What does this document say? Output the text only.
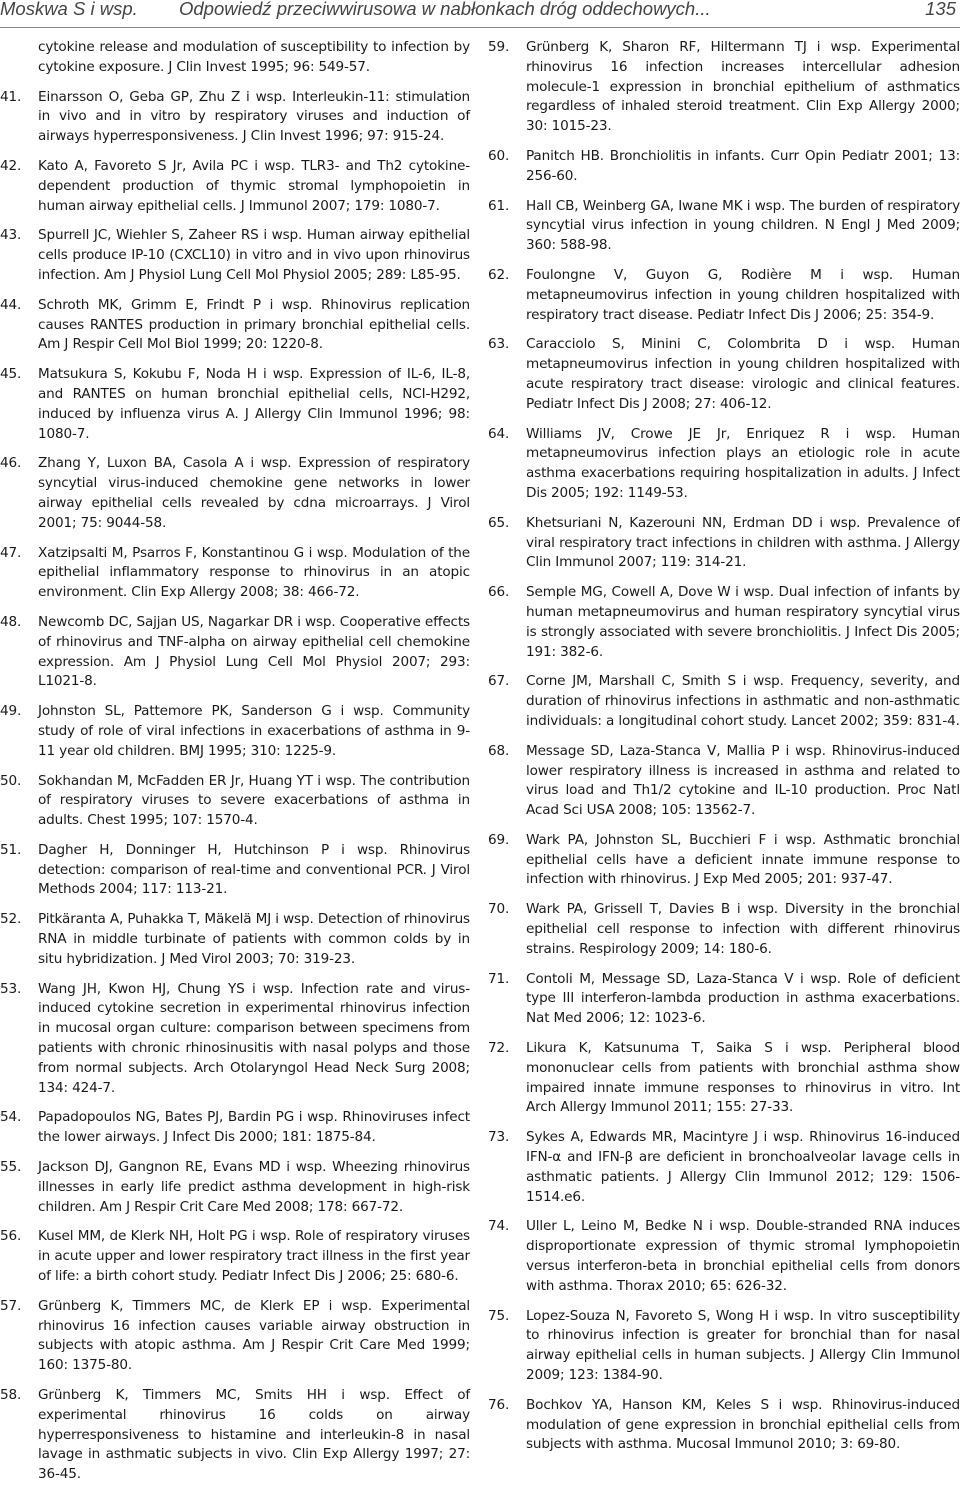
Moskwa S i wsp. Odpowiedź przeciwwirusowa w nabłonkach dróg oddechowych...	135
cytokine release and modulation of susceptibility to infection by cytokine exposure. J Clin Invest 1995; 96: 549-57.
41. Einarsson O, Geba GP, Zhu Z i wsp. Interleukin-11: stimulation in vivo and in vitro by respiratory viruses and induction of airways hyperresponsiveness. J Clin Invest 1996; 97: 915-24.
42. Kato A, Favoreto S Jr, Avila PC i wsp. TLR3- and Th2 cytokine-dependent production of thymic stromal lymphopoietin in human airway epithelial cells. J Immunol 2007; 179: 1080-7.
43. Spurrell JC, Wiehler S, Zaheer RS i wsp. Human airway epithelial cells produce IP-10 (CXCL10) in vitro and in vivo upon rhinovirus infection. Am J Physiol Lung Cell Mol Physiol 2005; 289: L85-95.
44. Schroth MK, Grimm E, Frindt P i wsp. Rhinovirus replication causes RANTES production in primary bronchial epithelial cells. Am J Respir Cell Mol Biol 1999; 20: 1220-8.
45. Matsukura S, Kokubu F, Noda H i wsp. Expression of IL-6, IL-8, and RANTES on human bronchial epithelial cells, NCI-H292, induced by influenza virus A. J Allergy Clin Immunol 1996; 98: 1080-7.
46. Zhang Y, Luxon BA, Casola A i wsp. Expression of respiratory syncytial virus-induced chemokine gene networks in lower airway epithelial cells revealed by cdna microarrays. J Virol 2001; 75: 9044-58.
47. Xatzipsalti M, Psarros F, Konstantinou G i wsp. Modulation of the epithelial inflammatory response to rhinovirus in an atopic environment. Clin Exp Allergy 2008; 38: 466-72.
48. Newcomb DC, Sajjan US, Nagarkar DR i wsp. Cooperative effects of rhinovirus and TNF-alpha on airway epithelial cell chemokine expression. Am J Physiol Lung Cell Mol Physiol 2007; 293: L1021-8.
49. Johnston SL, Pattemore PK, Sanderson G i wsp. Community study of role of viral infections in exacerbations of asthma in 9-11 year old children. BMJ 1995; 310: 1225-9.
50. Sokhandan M, McFadden ER Jr, Huang YT i wsp. The contribution of respiratory viruses to severe exacerbations of asthma in adults. Chest 1995; 107: 1570-4.
51. Dagher H, Donninger H, Hutchinson P i wsp. Rhinovirus detection: comparison of real-time and conventional PCR. J Virol Methods 2004; 117: 113-21.
52. Pitkäranta A, Puhakka T, Mäkelä MJ i wsp. Detection of rhinovirus RNA in middle turbinate of patients with common colds by in situ hybridization. J Med Virol 2003; 70: 319-23.
53. Wang JH, Kwon HJ, Chung YS i wsp. Infection rate and virus-induced cytokine secretion in experimental rhinovirus infection in mucosal organ culture: comparison between specimens from patients with chronic rhinosinusitis with nasal polyps and those from normal subjects. Arch Otolaryngol Head Neck Surg 2008; 134: 424-7.
54. Papadopoulos NG, Bates PJ, Bardin PG i wsp. Rhinoviruses infect the lower airways. J Infect Dis 2000; 181: 1875-84.
55. Jackson DJ, Gangnon RE, Evans MD i wsp. Wheezing rhinovirus illnesses in early life predict asthma development in high-risk children. Am J Respir Crit Care Med 2008; 178: 667-72.
56. Kusel MM, de Klerk NH, Holt PG i wsp. Role of respiratory viruses in acute upper and lower respiratory tract illness in the first year of life: a birth cohort study. Pediatr Infect Dis J 2006; 25: 680-6.
57. Grünberg K, Timmers MC, de Klerk EP i wsp. Experimental rhinovirus 16 infection causes variable airway obstruction in subjects with atopic asthma. Am J Respir Crit Care Med 1999; 160: 1375-80.
58. Grünberg K, Timmers MC, Smits HH i wsp. Effect of experimental rhinovirus 16 colds on airway hyperresponsiveness to histamine and interleukin-8 in nasal lavage in asthmatic subjects in vivo. Clin Exp Allergy 1997; 27: 36-45.
59. Grünberg K, Sharon RF, Hiltermann TJ i wsp. Experimental rhinovirus 16 infection increases intercellular adhesion molecule-1 expression in bronchial epithelium of asthmatics regardless of inhaled steroid treatment. Clin Exp Allergy 2000; 30: 1015-23.
60. Panitch HB. Bronchiolitis in infants. Curr Opin Pediatr 2001; 13: 256-60.
61. Hall CB, Weinberg GA, Iwane MK i wsp. The burden of respiratory syncytial virus infection in young children. N Engl J Med 2009; 360: 588-98.
62. Foulongne V, Guyon G, Rodière M i wsp. Human metapneumovirus infection in young children hospitalized with respiratory tract disease. Pediatr Infect Dis J 2006; 25: 354-9.
63. Caracciolo S, Minini C, Colombrita D i wsp. Human metapneumovirus infection in young children hospitalized with acute respiratory tract disease: virologic and clinical features. Pediatr Infect Dis J 2008; 27: 406-12.
64. Williams JV, Crowe JE Jr, Enriquez R i wsp. Human metapneumovirus infection plays an etiologic role in acute asthma exacerbations requiring hospitalization in adults. J Infect Dis 2005; 192: 1149-53.
65. Khetsuriani N, Kazerouni NN, Erdman DD i wsp. Prevalence of viral respiratory tract infections in children with asthma. J Allergy Clin Immunol 2007; 119: 314-21.
66. Semple MG, Cowell A, Dove W i wsp. Dual infection of infants by human metapneumovirus and human respiratory syncytial virus is strongly associated with severe bronchiolitis. J Infect Dis 2005; 191: 382-6.
67. Corne JM, Marshall C, Smith S i wsp. Frequency, severity, and duration of rhinovirus infections in asthmatic and non-asthmatic individuals: a longitudinal cohort study. Lancet 2002; 359: 831-4.
68. Message SD, Laza-Stanca V, Mallia P i wsp. Rhinovirus-induced lower respiratory illness is increased in asthma and related to virus load and Th1/2 cytokine and IL-10 production. Proc Natl Acad Sci USA 2008; 105: 13562-7.
69. Wark PA, Johnston SL, Bucchieri F i wsp. Asthmatic bronchial epithelial cells have a deficient innate immune response to infection with rhinovirus. J Exp Med 2005; 201: 937-47.
70. Wark PA, Grissell T, Davies B i wsp. Diversity in the bronchial epithelial cell response to infection with different rhinovirus strains. Respirology 2009; 14: 180-6.
71. Contoli M, Message SD, Laza-Stanca V i wsp. Role of deficient type III interferon-lambda production in asthma exacerbations. Nat Med 2006; 12: 1023-6.
72. Likura K, Katsunuma T, Saika S i wsp. Peripheral blood mononuclear cells from patients with bronchial asthma show impaired innate immune responses to rhinovirus in vitro. Int Arch Allergy Immunol 2011; 155: 27-33.
73. Sykes A, Edwards MR, Macintyre J i wsp. Rhinovirus 16-induced IFN-α and IFN-β are deficient in bronchoalveolar lavage cells in asthmatic patients. J Allergy Clin Immunol 2012; 129: 1506-1514.e6.
74. Uller L, Leino M, Bedke N i wsp. Double-stranded RNA induces disproportionate expression of thymic stromal lymphopoietin versus interferon-beta in bronchial epithelial cells from donors with asthma. Thorax 2010; 65: 626-32.
75. Lopez-Souza N, Favoreto S, Wong H i wsp. In vitro susceptibility to rhinovirus infection is greater for bronchial than for nasal airway epithelial cells in human subjects. J Allergy Clin Immunol 2009; 123: 1384-90.
76. Bochkov YA, Hanson KM, Keles S i wsp. Rhinovirus-induced modulation of gene expression in bronchial epithelial cells from subjects with asthma. Mucosal Immunol 2010; 3: 69-80.
